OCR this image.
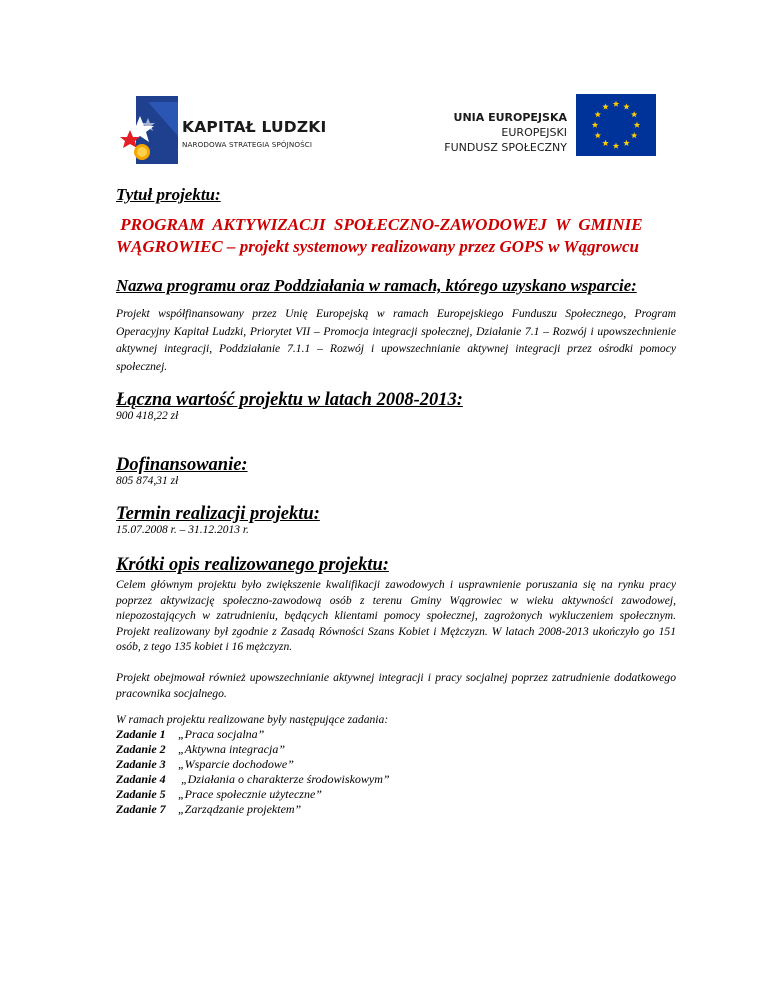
KAPITAŁ LUDZKI
NARODOWA STRATEGIA SPÓJNOŚCI
UNIA EUROPEJSKA
EUROPEJSKI
FUNDUSZ SPOŁECZNY
Tytuł projektu:
PROGRAM  AKTYWIZACJI  SPOŁECZNO-ZAWODOWEJ  W  GMINIE
WĄGROWIEC – projekt systemowy realizowany przez GOPS w Wągrowcu
Nazwa programu oraz Poddziałania w ramach, którego uzyskano wsparcie:
Projekt współfinansowany przez Unię Europejską w ramach Europejskiego Funduszu Społecznego, Program Operacyjny Kapitał Ludzki, Priorytet VII – Promocja integracji społecznej, Działanie 7.1 – Rozwój i upowszechnienie aktywnej integracji, Poddziałanie 7.1.1 – Rozwój i upowszechnianie aktywnej integracji przez ośrodki pomocy społecznej.
Łączna wartość projektu w latach 2008-2013:
900 418,22 zł
Dofinansowanie:
805 874,31 zł
Termin realizacji projektu:
15.07.2008 r. – 31.12.2013 r.
Krótki opis realizowanego projektu:
Celem głównym projektu było zwiększenie kwalifikacji zawodowych i usprawnienie poruszania się na rynku pracy poprzez aktywizację społeczno-zawodową osób z terenu Gminy Wągrowiec w wieku aktywności zawodowej, niepozostających w zatrudnieniu, będących klientami pomocy społecznej, zagrożonych wykluczeniem społecznym. Projekt realizowany był zgodnie z Zasadą Równości Szans Kobiet i Mężczyzn. W latach 2008-2013 ukończyło go 151 osób, z tego 135 kobiet i 16 mężczyzn.
Projekt obejmował również upowszechnianie aktywnej integracji i pracy socjalnej poprzez zatrudnienie dodatkowego pracownika socjalnego.
W ramach projektu realizowane były następujące zadania:
Zadanie 1 „Praca socjalna”
Zadanie 2 „Aktywna integracja”
Zadanie 3 „Wsparcie dochodowe”
Zadanie 4 „Działania o charakterze środowiskowym”
Zadanie 5 „Prace społecznie użyteczne”
Zadanie 7 „Zarządzanie projektem”
